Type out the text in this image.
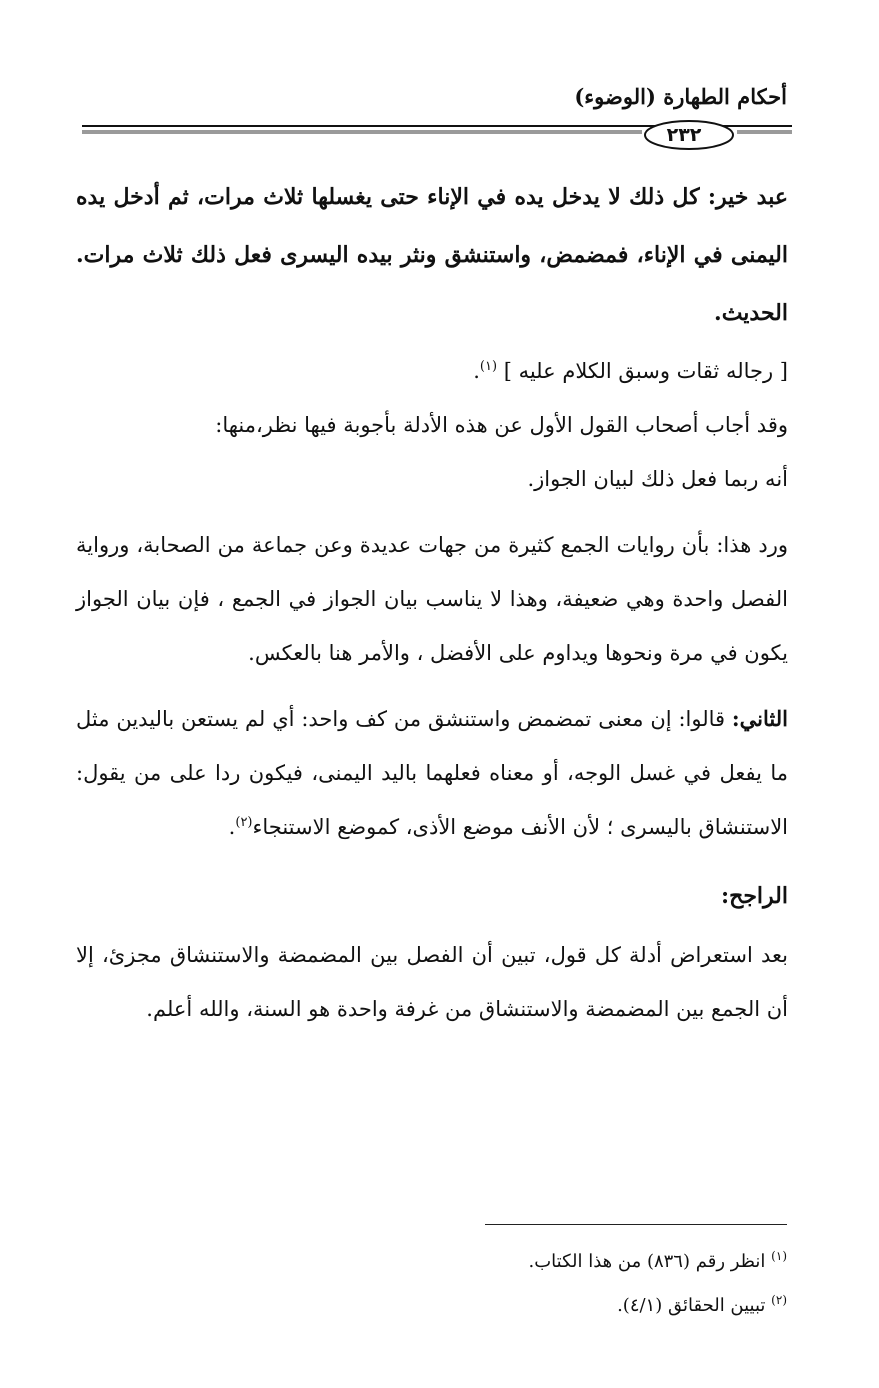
أحكام الطهارة (الوضوء)
٢٣٢

عبد خير: كل ذلك لا يدخل يده في الإناء حتى يغسلها ثلاث مرات، ثم أدخل يده اليمنى في الإناء، فمضمض، واستنشق ونثر بيده اليسرى فعل ذلك ثلاث مرات. الحديث.

[ رجاله ثقات وسبق الكلام عليه ] $^{(١)}$.

وقد أجاب أصحاب القول الأول عن هذه الأدلة بأجوبة فيها نظر،منها:

أنه ربما فعل ذلك لبيان الجواز.

ورد هذا: بأن روايات الجمع كثيرة من جهات عديدة وعن جماعة من الصحابة، ورواية الفصل واحدة وهي ضعيفة، وهذا لا يناسب بيان الجواز في الجمع ، فإن بيان الجواز يكون في مرة ونحوها ويداوم على الأفضل ، والأمر هنا بالعكس.

الثاني: قالوا: إن معنى تمضمض واستنشق من كف واحد: أي لم يستعن باليدين مثل ما يفعل في غسل الوجه، أو معناه فعلهما باليد اليمنى، فيكون ردا على من يقول: الاستنشاق باليسرى ؛ لأن الأنف موضع الأذى، كموضع الاستنجاء$^{(٢)}$.

الراجح:

بعد استعراض أدلة كل قول، تبين أن الفصل بين المضمضة والاستنشاق مجزئ، إلا أن الجمع بين المضمضة والاستنشاق من غرفة واحدة هو السنة، والله أعلم.

$^{(١)}$ انظر رقم (٨٣٦) من هذا الكتاب.

$^{(٢)}$ تبيين الحقائق (٤/١).
